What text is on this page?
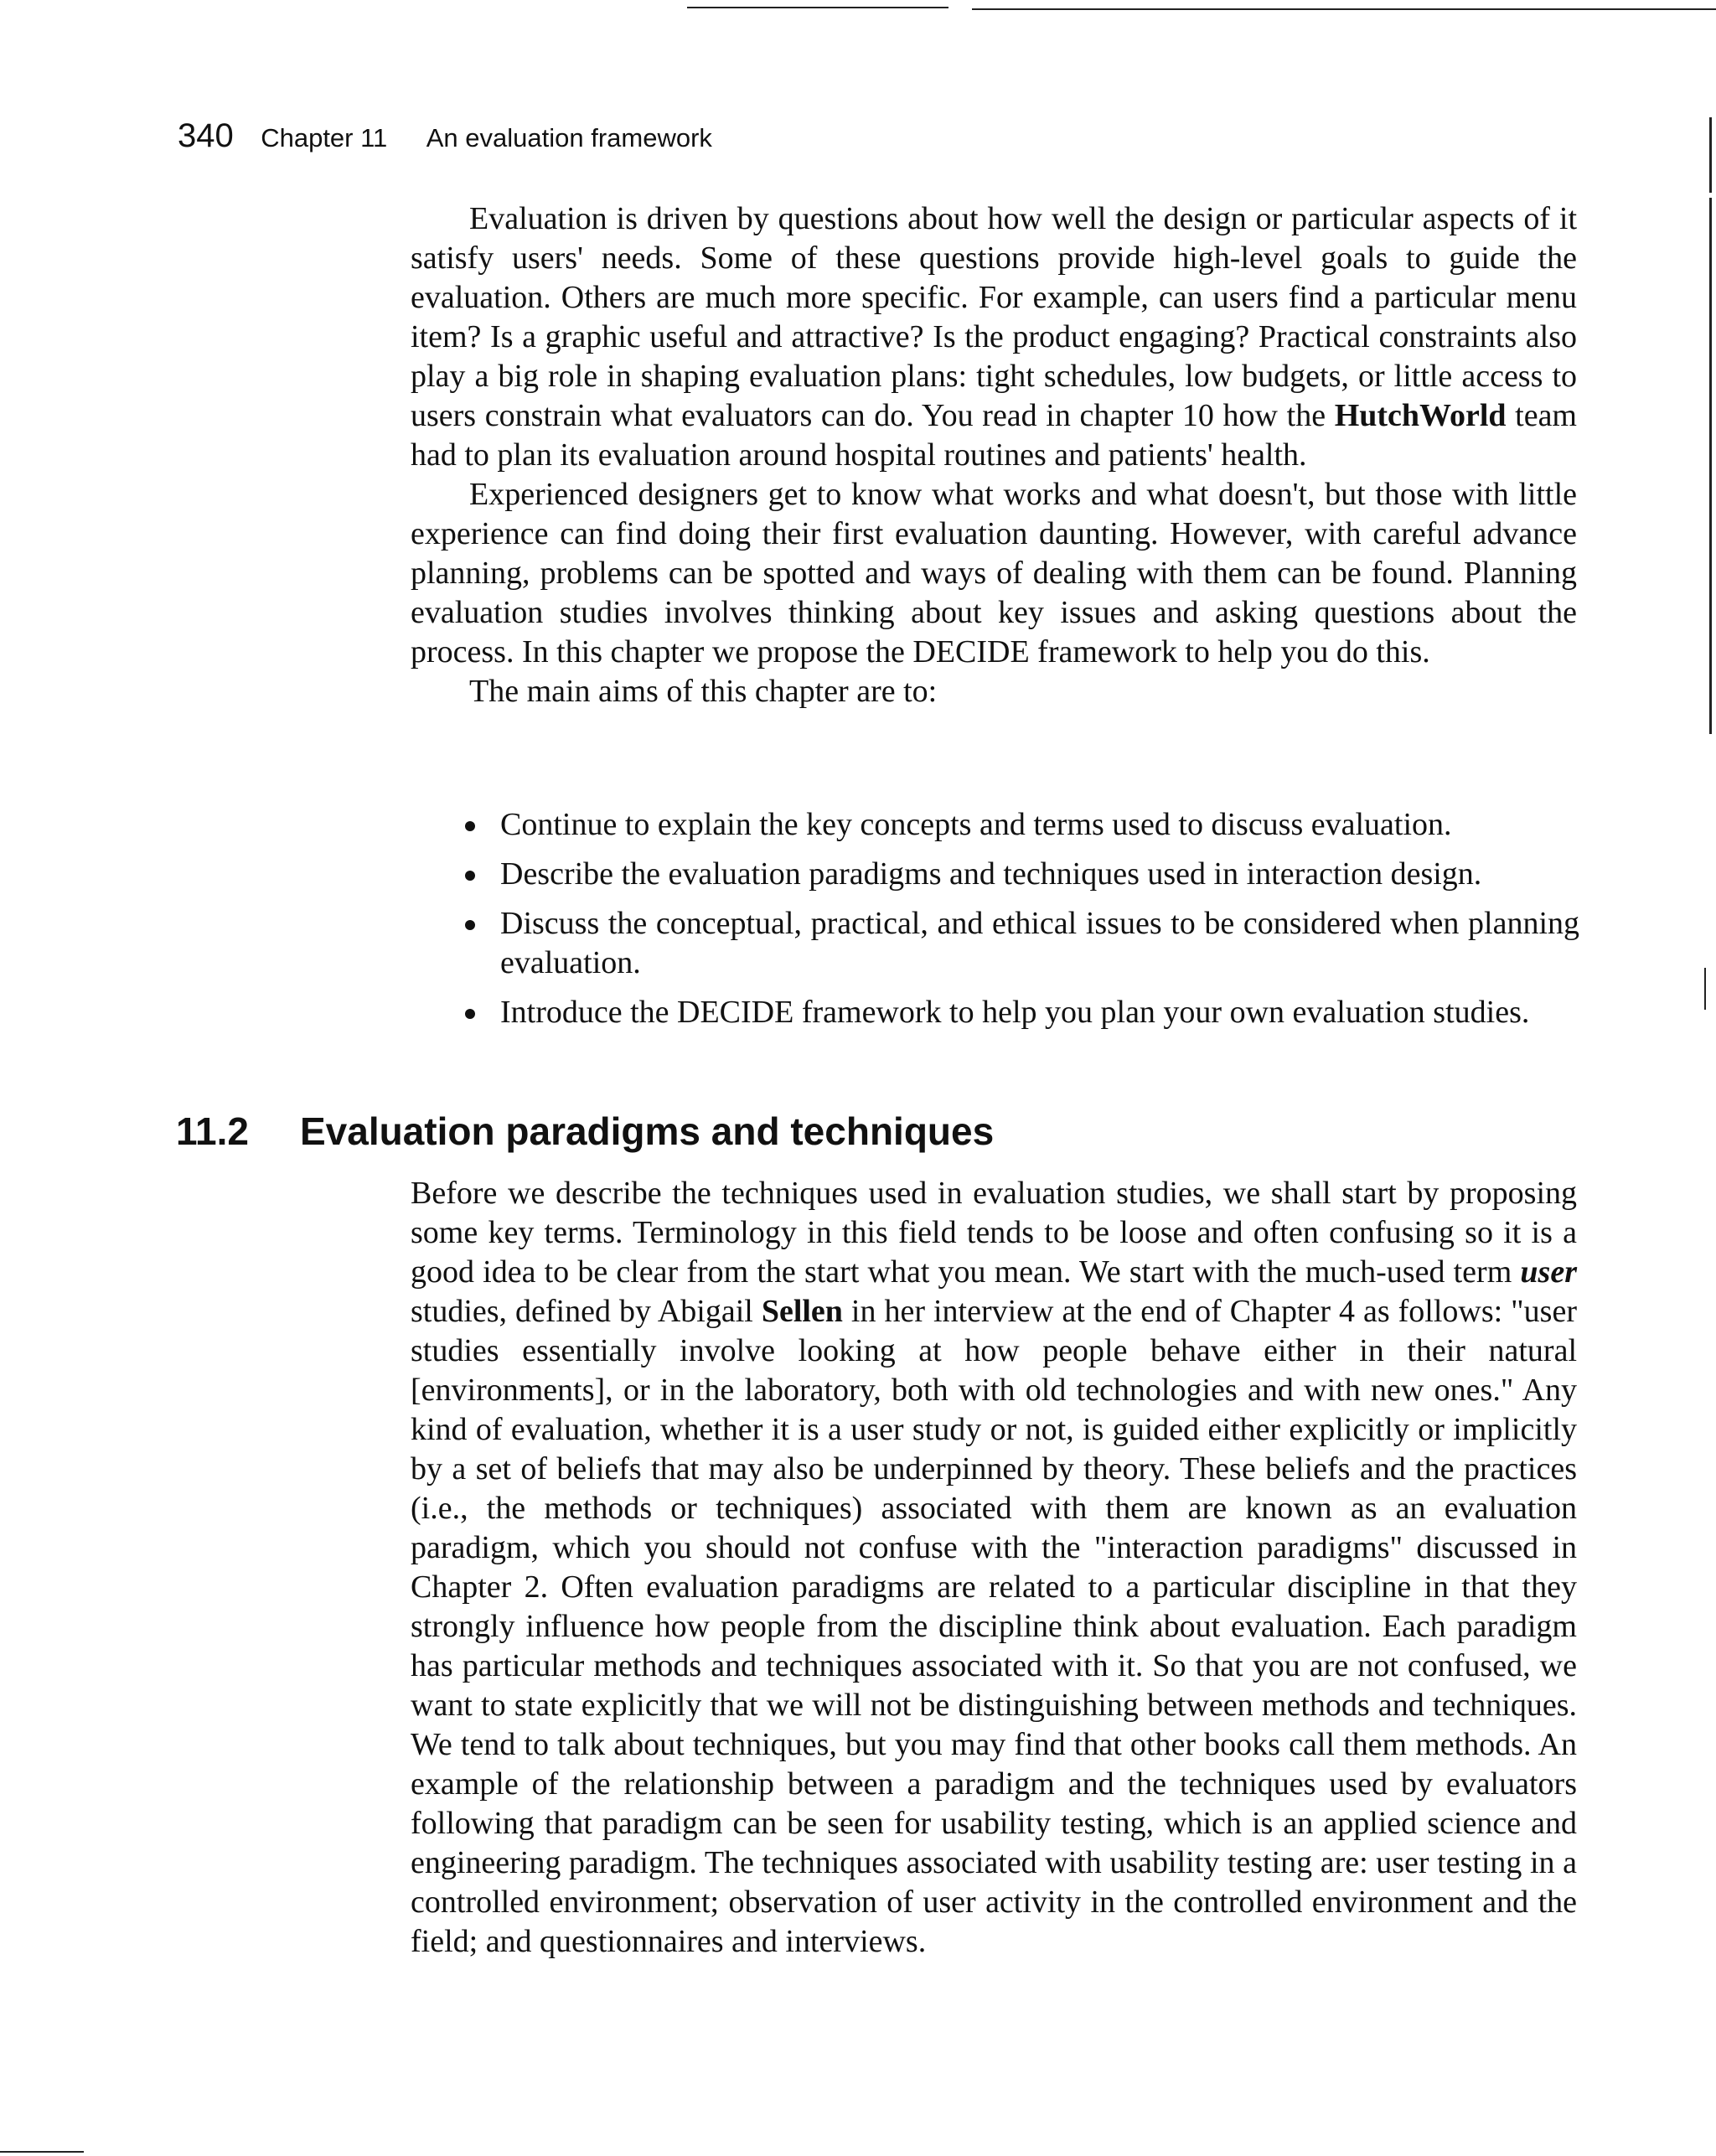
340 Chapter 11 An evaluation framework

Evaluation is driven by questions about how well the design or particular aspects of it satisfy users' needs. Some of these questions provide high-level goals to guide the evaluation. Others are much more specific. For example, can users find a particular menu item? Is a graphic useful and attractive? Is the product engaging? Practical constraints also play a big role in shaping evaluation plans: tight schedules, low budgets, or little access to users constrain what evaluators can do. You read in chapter 10 how the HutchWorld team had to plan its evaluation around hospital routines and patients' health.

Experienced designers get to know what works and what doesn't, but those with little experience can find doing their first evaluation daunting. However, with careful advance planning, problems can be spotted and ways of dealing with them can be found. Planning evaluation studies involves thinking about key issues and asking questions about the process. In this chapter we propose the DECIDE framework to help you do this.

The main aims of this chapter are to:

Continue to explain the key concepts and terms used to discuss evaluation.
Describe the evaluation paradigms and techniques used in interaction design.
Discuss the conceptual, practical, and ethical issues to be considered when planning evaluation.
Introduce the DECIDE framework to help you plan your own evaluation studies.
11.2 Evaluation paradigms and techniques

Before we describe the techniques used in evaluation studies, we shall start by proposing some key terms. Terminology in this field tends to be loose and often confusing so it is a good idea to be clear from the start what you mean. We start with the much-used term user studies, defined by Abigail Sellen in her interview at the end of Chapter 4 as follows: "user studies essentially involve looking at how people behave either in their natural [environments], or in the laboratory, both with old technologies and with new ones." Any kind of evaluation, whether it is a user study or not, is guided either explicitly or implicitly by a set of beliefs that may also be underpinned by theory. These beliefs and the practices (i.e., the methods or techniques) associated with them are known as an evaluation paradigm, which you should not confuse with the "interaction paradigms" discussed in Chapter 2. Often evaluation paradigms are related to a particular discipline in that they strongly influence how people from the discipline think about evaluation. Each paradigm has particular methods and techniques associated with it. So that you are not confused, we want to state explicitly that we will not be distinguishing between methods and techniques. We tend to talk about techniques, but you may find that other books call them methods. An example of the relationship between a paradigm and the techniques used by evaluators following that paradigm can be seen for usability testing, which is an applied science and engineering paradigm. The techniques associated with usability testing are: user testing in a controlled environment; observation of user activity in the controlled environment and the field; and questionnaires and interviews.
